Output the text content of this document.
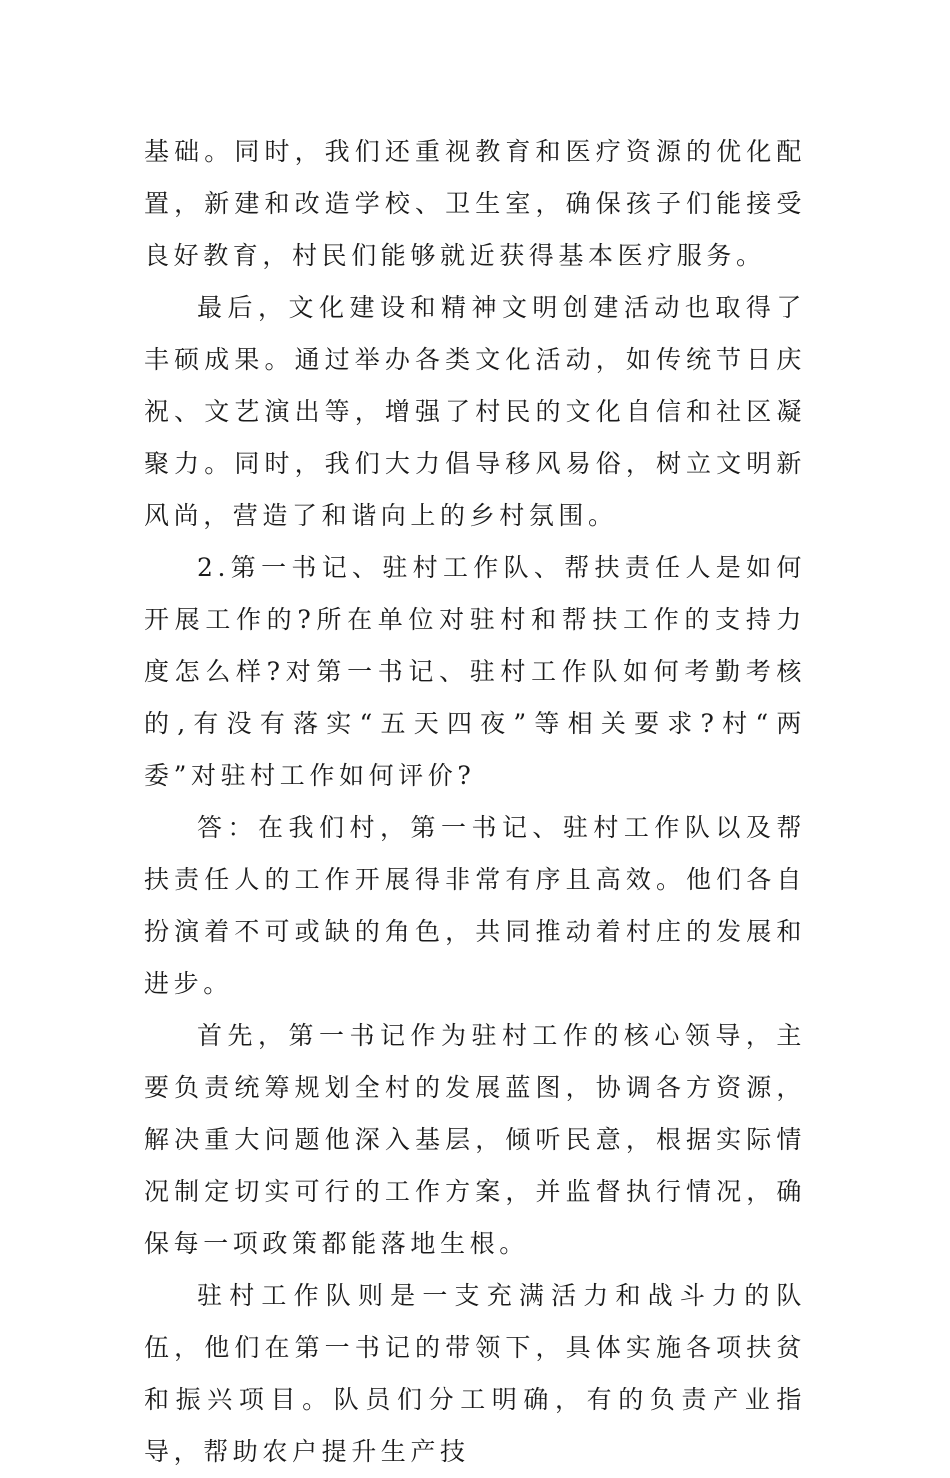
基础。同时，我们还重视教育和医疗资源的优化配置，新建和改造学校、卫生室，确保孩子们能接受良好教育，村民们能够就近获得基本医疗服务。

最后，文化建设和精神文明创建活动也取得了丰硕成果。通过举办各类文化活动，如传统节日庆祝、文艺演出等，增强了村民的文化自信和社区凝聚力。同时，我们大力倡导移风易俗，树立文明新风尚，营造了和谐向上的乡村氛围。

2.第一书记、驻村工作队、帮扶责任人是如何开展工作的?所在单位对驻村和帮扶工作的支持力度怎么样?对第一书记、驻村工作队如何考勤考核的,有没有落实“五天四夜”等相关要求?村“两委”对驻村工作如何评价?

答：在我们村，第一书记、驻村工作队以及帮扶责任人的工作开展得非常有序且高效。他们各自扮演着不可或缺的角色，共同推动着村庄的发展和进步。

首先，第一书记作为驻村工作的核心领导，主要负责统筹规划全村的发展蓝图，协调各方资源，解决重大问题他深入基层，倾听民意，根据实际情况制定切实可行的工作方案，并监督执行情况，确保每一项政策都能落地生根。

驻村工作队则是一支充满活力和战斗力的队伍，他们在第一书记的带领下，具体实施各项扶贫和振兴项目。队员们分工明确，有的负责产业指导，帮助农户提升生产技
